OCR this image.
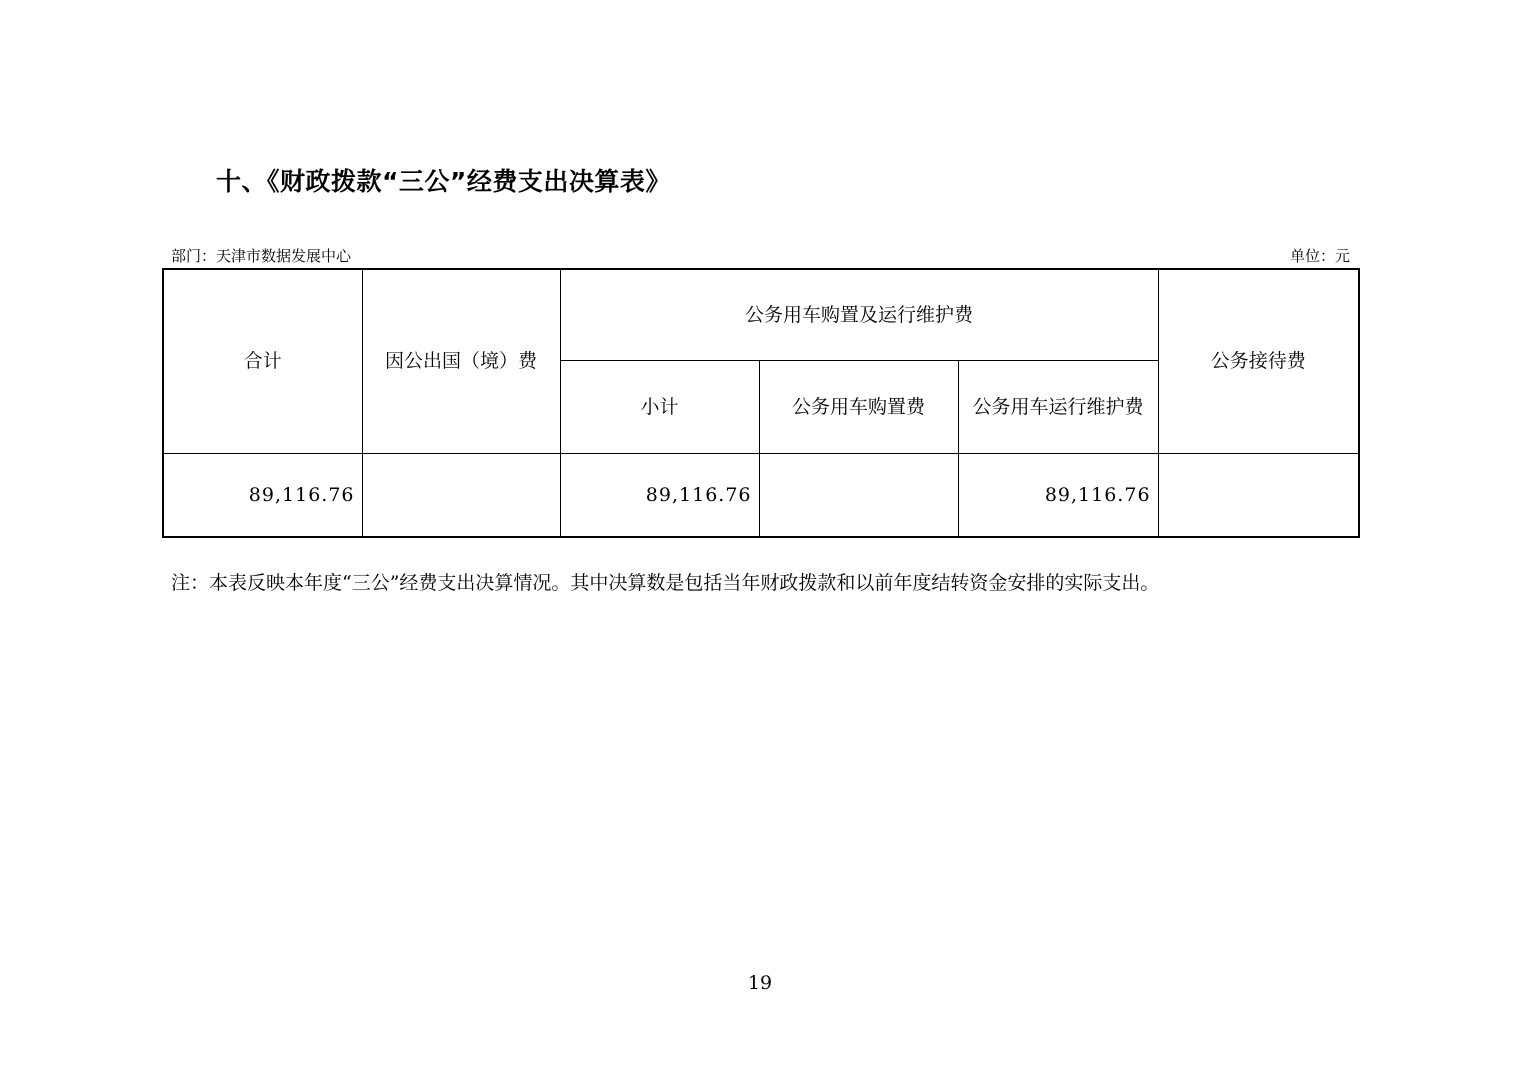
十、《财政拨款“三公”经费支出决算表》
部门：天津市数据发展中心	单位：元
合计	因公出国（境）费	公务用车购置及运行维护费			公务接待费
		小计	公务用车购置费	公务用车运行维护费	
89,116.76		89,116.76		89,116.76	
注：本表反映本年度“三公”经费支出决算情况。其中决算数是包括当年财政拨款和以前年度结转资金安排的实际支出。
19
